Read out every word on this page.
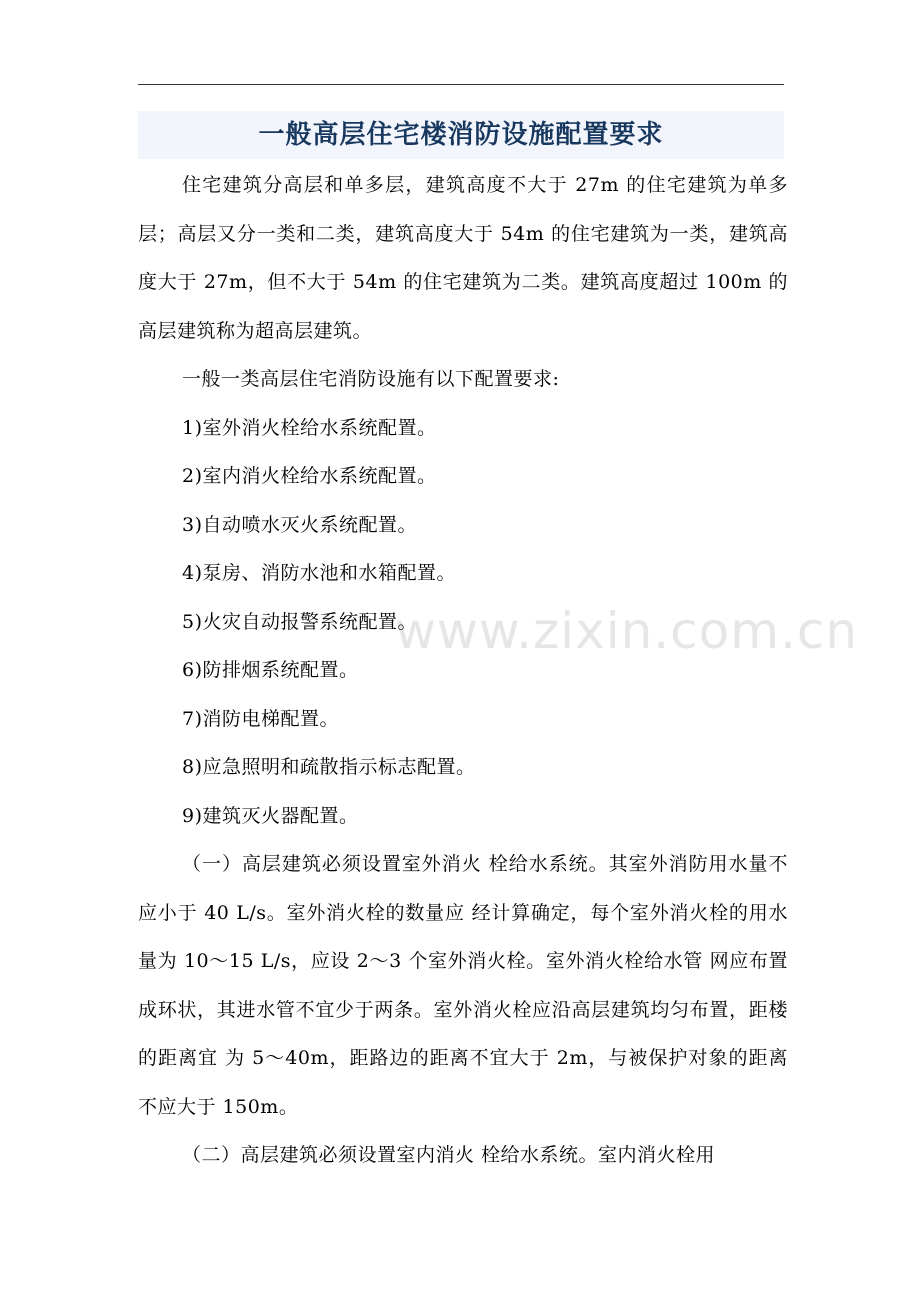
一般高层住宅楼消防设施配置要求
www.zixin.com.cn

住宅建筑分高层和单多层，建筑高度不大于 27m 的住宅建筑为单多层；高层又分一类和二类，建筑高度大于 54m 的住宅建筑为一类，建筑高度大于 27m，但不大于 54m 的住宅建筑为二类。建筑高度超过 100m 的高层建筑称为超高层建筑。

一般一类高层住宅消防设施有以下配置要求:

1)室外消火栓给水系统配置。

2)室内消火栓给水系统配置。

3)自动喷水灭火系统配置。

4)泵房、消防水池和水箱配置。

5)火灾自动报警系统配置。

6)防排烟系统配置。

7)消防电梯配置。

8)应急照明和疏散指示标志配置。

9)建筑灭火器配置。

（一）高层建筑必须设置室外消火 栓给水系统。其室外消防用水量不应小于 40 L/s。室外消火栓的数量应 经计算确定，每个室外消火栓的用水量为 10～15 L/s，应设 2～3 个室外消火栓。室外消火栓给水管 网应布置成环状，其进水管不宜少于两条。室外消火栓应沿高层建筑均匀布置，距楼的距离宜 为 5～40m，距路边的距离不宜大于 2m，与被保护对象的距离不应大于 150m。

（二）高层建筑必须设置室内消火 栓给水系统。室内消火栓用
